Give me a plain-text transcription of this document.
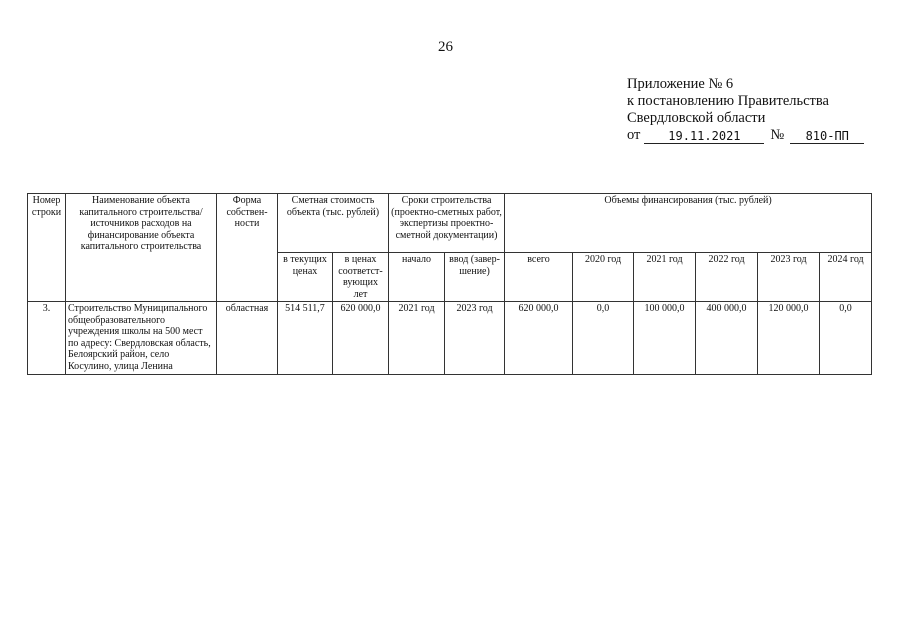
26
Приложение № 6
к постановлению Правительства
Свердловской области
от	19.11.2021	№	810-ПП
Номер строки	Наименование объекта капитального строительства/ источников расходов на финансирование объекта капитального строительства	Форма собствен-ности	Сметная стоимость объекта (тыс. рублей)		Сроки строительства (проектно-сметных работ, экспертизы проектно-сметной документации)		Объемы финансирования (тыс. рублей)					
			в текущих ценах	в ценах соответст-вующих лет	начало	ввод (завер-шение)	всего	2020 год	2021 год	2022 год	2023 год	2024 год
3.	Строительство Муниципального общеобразовательного учреждения школы на 500 мест по адресу: Свердловская область, Белоярский район, село Косулино, улица Ленина	областная	514 511,7	620 000,0	2021 год	2023 год	620 000,0	0,0	100 000,0	400 000,0	120 000,0	0,0
